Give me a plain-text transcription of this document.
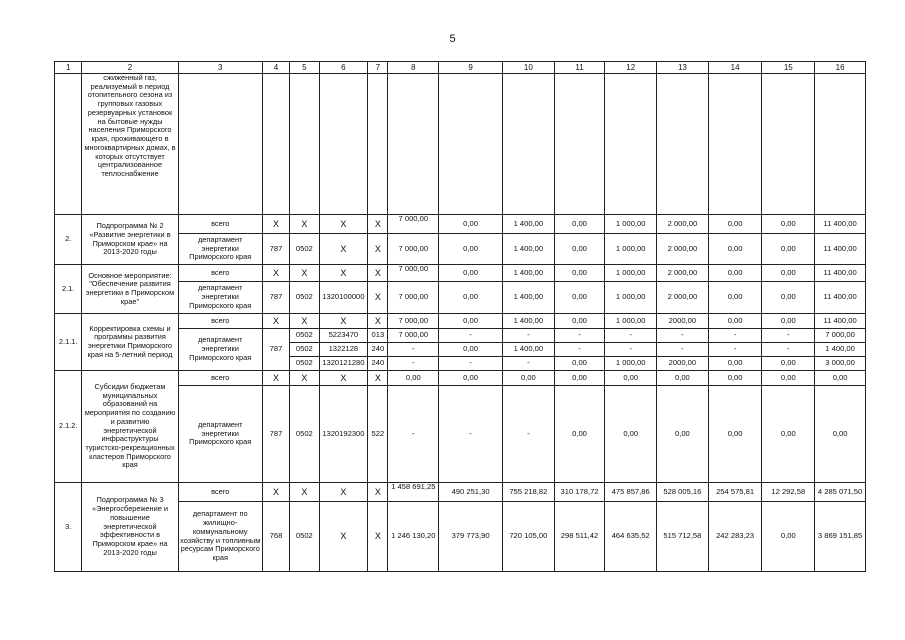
5
1	2	3	4	5	6	7	8	9	10	11	12	13	14	15	16
	сжиженный газ, реализуемый в период отопительного сезона из групповых газовых резервуарных установок на бытовые нужды населения Приморского края, проживающего в многоквартирных домах, в которых отсутствует централизованное теплоснабжение														
2.	Подпрограмма № 2 «Развитие энергетики в Приморском крае» на 2013-2020 годы	всего	Х	Х	Х	Х	7 000,00	0,00	1 400,00	0,00	1 000,00	2 000,00	0,00	0,00	11 400,00
		департамент энергетики Приморского края	787	0502	Х	Х	7 000,00	0,00	1 400,00	0,00	1 000,00	2 000,00	0,00	0,00	11 400,00
2.1.	Основное мероприятие: "Обеспечение развития энергетики в Приморском крае"	всего	Х	Х	Х	Х	7 000,00	0,00	1 400,00	0,00	1 000,00	2 000,00	0,00	0,00	11 400,00
		департамент энергетики Приморского края	787	0502	1320100000	Х	7 000,00	0,00	1 400,00	0,00	1 000,00	2 000,00	0,00	0,00	11 400,00
2.1.1.	Корректировка схемы и программы развития энергетики Приморского края на 5-летний период	всего	Х	Х	Х	Х	7 000,00	0,00	1 400,00	0,00	1 000,00	2000,00	0,00	0,00	11 400,00
		департамент энергетики Приморского края	787	0502	5223470	013	7 000,00	-	-	-	-	-	-	-	7 000,00
				0502	1322128	240	-	0,00	1 400,00	-	-	-	-	-	1 400,00
				0502	1320121280	240	-	-	-	0,00	1 000,00	2000,00	0,00	0,00	3 000,00
2.1.2.	Субсидии бюджетам муниципальных образований на мероприятия по созданию и развитию энергетической инфраструктуры туристско-рекреационных кластеров Приморского края	всего	Х	Х	Х	Х	0,00	0,00	0,00	0,00	0,00	0,00	0,00	0,00	0,00
		департамент энергетики Приморского края	787	0502	1320192300	522	-	-	-	0,00	0,00	0,00	0,00	0,00	0,00
3.	Подпрограмма № 3 «Энергосбережение и повышение энергетической эффективности в Приморском крае» на 2013-2020 годы	всего	Х	Х	Х	Х	1 458 691,25	490 251,30	755 218,82	310 178,72	475 857,86	528 005,16	254 575,81	12 292,58	4 285 071,50
		департамент по жилищно-коммунальному хозяйству и топливным ресурсам Приморского края	768	0502	Х	Х	1 246 130,20	379 773,90	720 105,00	298 511,42	464 635,52	515 712,58	242 283,23	0,00	3 869 151,85
